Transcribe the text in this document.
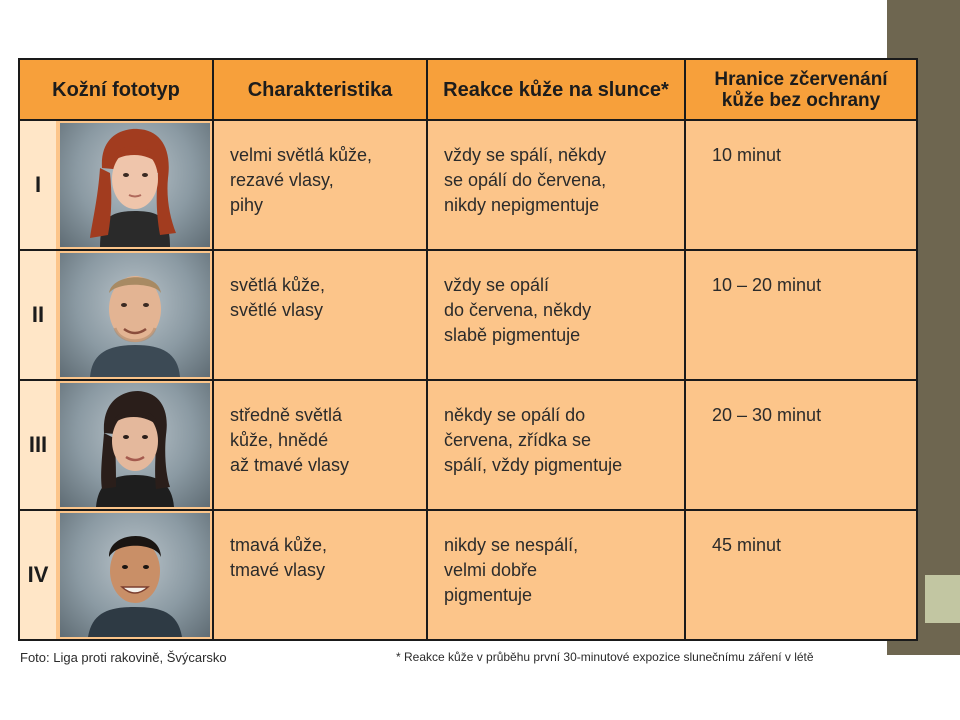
Kožní fototyp	Charakteristika	Reakce kůže na slunce*	Hranice zčervenání
kůže bez ochrany

I	velmi světlá kůže,
rezavé vlasy,
pihy	vždy se spálí, někdy
se opálí do červena,
nikdy nepigmentuje	10 minut

II	světlá kůže,
světlé vlasy	vždy se opálí
do červena, někdy
slabě pigmentuje	10 – 20 minut

III	středně světlá
kůže, hnědé
až tmavé vlasy	někdy se opálí do
červena, zřídka se
spálí, vždy pigmentuje	20 – 30 minut

IV	tmavá kůže,
tmavé vlasy	nikdy se nespálí,
velmi dobře
pigmentuje	45 minut
Foto: Liga proti rakovině, Švýcarsko	* Reakce kůže v průběhu první 30-minutové expozice slunečnímu záření v létě
